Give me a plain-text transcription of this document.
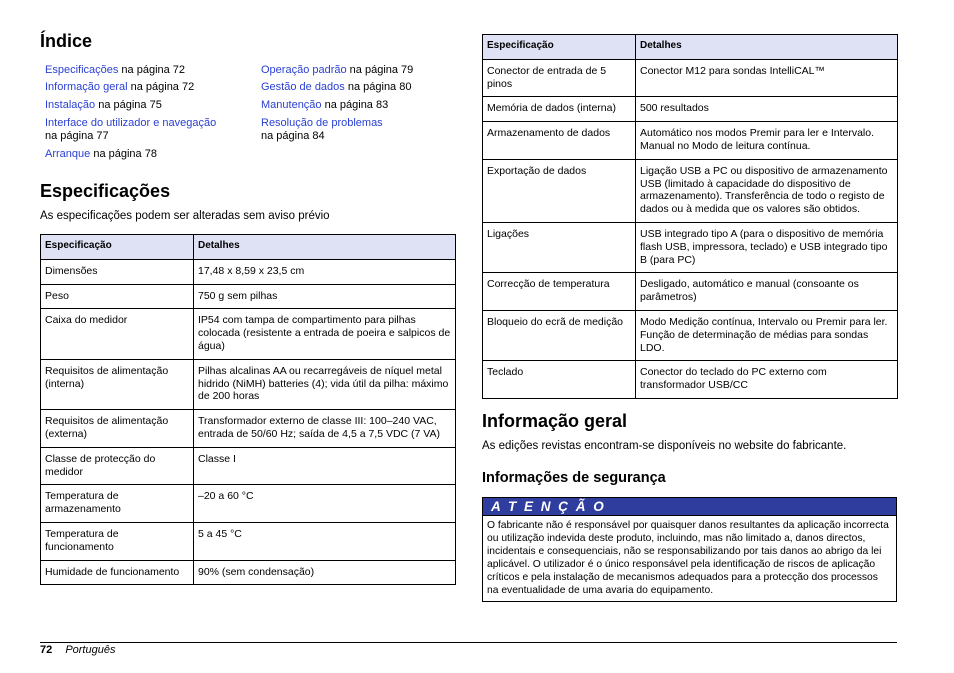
Índice
Especificações na página 72
Informação geral na página 72
Instalação na página 75
Interface do utilizador e navegação
na página 77
Arranque na página 78
Operação padrão na página 79
Gestão de dados na página 80
Manutenção na página 83
Resolução de problemas
na página 84
Especificações
As especificações podem ser alteradas sem aviso prévio
Especificação	Detalhes
Dimensões	17,48 x 8,59 x 23,5 cm
Peso	750 g sem pilhas
Caixa do medidor	IP54 com tampa de compartimento para pilhas colocada (resistente a entrada de poeira e salpicos de água)
Requisitos de alimentação (interna)	Pilhas alcalinas AA ou recarregáveis de níquel metal hidrido (NiMH) batteries (4); vida útil da pilha: máximo de 200 horas
Requisitos de alimentação (externa)	Transformador externo de classe III: 100–240 VAC, entrada de 50/60 Hz; saída de 4,5 a 7,5 VDC (7 VA)
Classe de protecção do medidor	Classe I
Temperatura de armazenamento	–20 a 60 °C
Temperatura de funcionamento	5 a 45 °C
Humidade de funcionamento	90% (sem condensação)
Especificação	Detalhes
Conector de entrada de 5 pinos	Conector M12 para sondas IntelliCAL™
Memória de dados (interna)	500 resultados
Armazenamento de dados	Automático nos modos Premir para ler e Intervalo. Manual no Modo de leitura contínua.
Exportação de dados	Ligação USB a PC ou dispositivo de armazenamento USB (limitado à capacidade do dispositivo de armazenamento). Transferência de todo o registo de dados ou à medida que os valores são obtidos.
Ligações	USB integrado tipo A (para o dispositivo de memória flash USB, impressora, teclado) e USB integrado tipo B (para PC)
Correcção de temperatura	Desligado, automático e manual (consoante os parâmetros)
Bloqueio do ecrã de medição	Modo Medição contínua, Intervalo ou Premir para ler. Função de determinação de médias para sondas LDO.
Teclado	Conector do teclado do PC externo com transformador USB/CC
Informação geral
As edições revistas encontram-se disponíveis no website do fabricante.
Informações de segurança
A T E N Ç Ã O
O fabricante não é responsável por quaisquer danos resultantes da aplicação incorrecta ou utilização indevida deste produto, incluindo, mas não limitado a, danos directos, incidentais e consequenciais, não se responsabilizando por tais danos ao abrigo da lei aplicável. O utilizador é o único responsável pela identificação de riscos de aplicação críticos e pela instalação de mecanismos adequados para a protecção dos processos na eventualidade de uma avaria do equipamento.
72 Português
